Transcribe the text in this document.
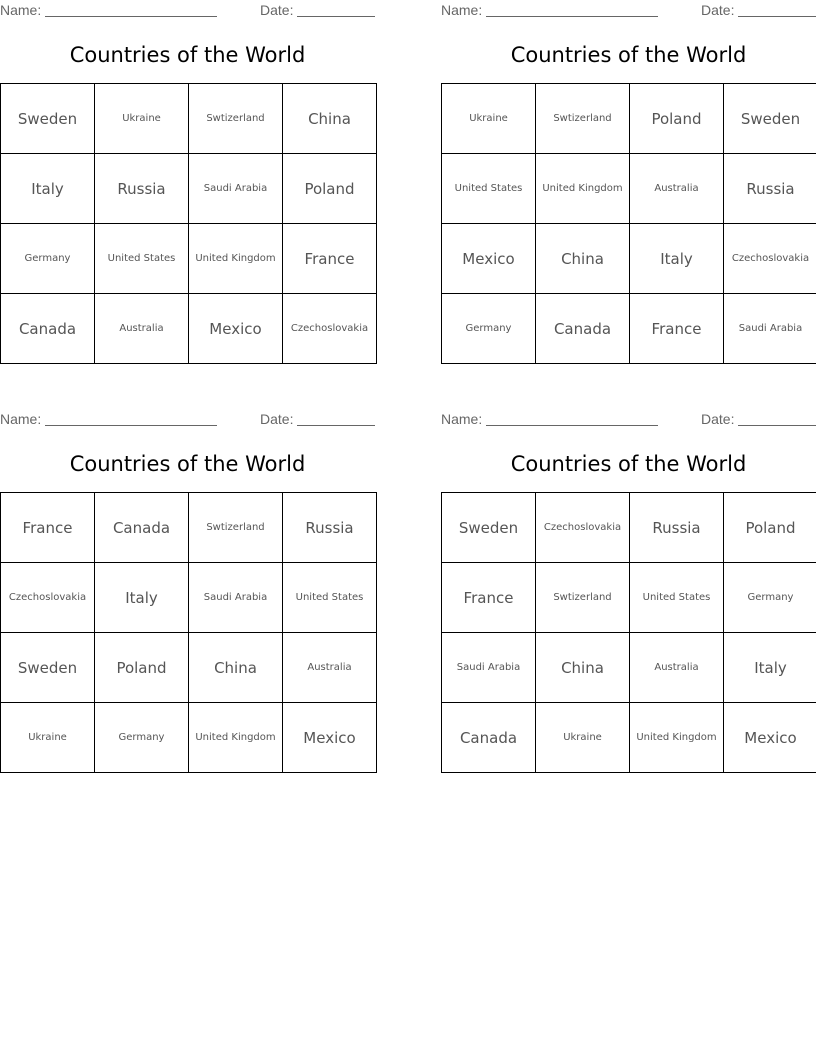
Name:	Date:
Countries of the World
Sweden	Ukraine	Swtizerland	China
Italy	Russia	Saudi Arabia	Poland
Germany	United States	United Kingdom	France
Canada	Australia	Mexico	Czechoslovakia
Name:	Date:
Countries of the World
Ukraine	Swtizerland	Poland	Sweden
United States	United Kingdom	Australia	Russia
Mexico	China	Italy	Czechoslovakia
Germany	Canada	France	Saudi Arabia
Name:	Date:
Countries of the World
France	Canada	Swtizerland	Russia
Czechoslovakia	Italy	Saudi Arabia	United States
Sweden	Poland	China	Australia
Ukraine	Germany	United Kingdom	Mexico
Name:	Date:
Countries of the World
Sweden	Czechoslovakia	Russia	Poland
France	Swtizerland	United States	Germany
Saudi Arabia	China	Australia	Italy
Canada	Ukraine	United Kingdom	Mexico
